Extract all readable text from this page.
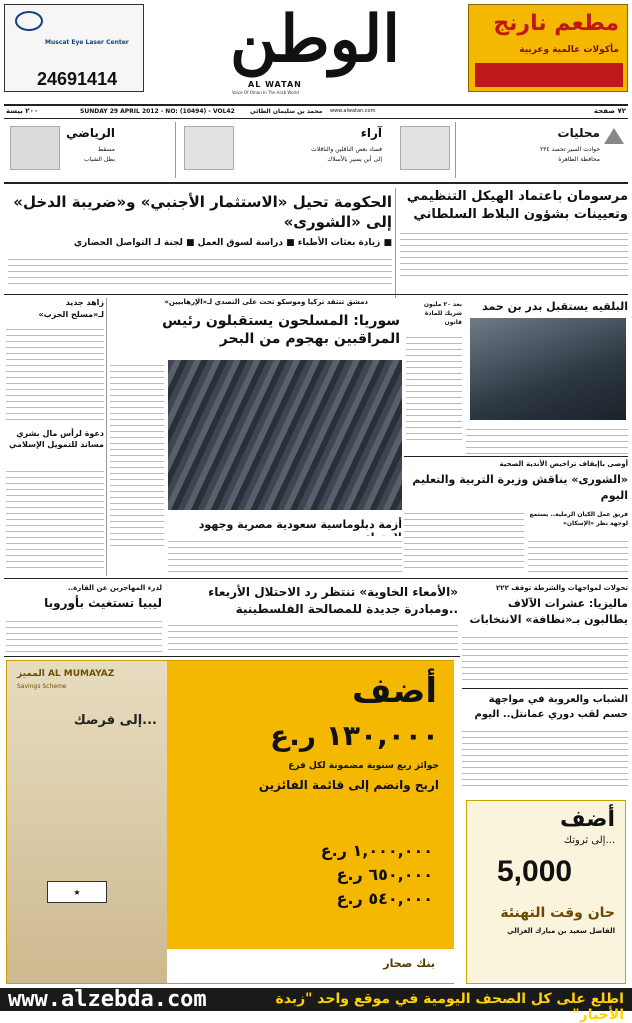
Muscat Eye Laser Center
24691414
مطعم نارنج
مأكولات عالمية وعربية
الوطن
AL WATAN
Voice Of Oman In The Arab World
SUNDAY 29 APRIL 2012 - NO: (10494) - VOL42
٢٠٠ بيسة	محمد بن سليمان الطائي www.alwatan.com	٧٢ صفحة
محليات
حوادث السير تحصد ٢٣٤
محافظة الظاهرة
آراء
فساد بعض الناقلين والناقلات
إلى أين يسير بالأسلاك
الرياضي
مسقط
بطل الشباب
مرسومان باعتماد الهيكل التنظيمي وتعيينات بشؤون البلاط السلطاني
الحكومة تحيل «الاستثمار الأجنبي» و«ضريبة الدخل» إلى «الشورى»
■ زيادة بعثات الأطباء ■ دراسة لسوق العمل ■ لجنة لـ التواصل الحضاري
دمشق تنتقد تركيا وموسكو تحث على التصدي لـ«الإرهابيين»
سوريا: المسلحون يستقبلون رئيس المراقبين بهجوم من البحر
أزمة دبلوماسية سعودية مصرية وجهود
زاهد جديد
لـ«مسلح الحزب»
دعوة لرأس مال بشري مساند للتمويل الإسلامي
بعد ٢٠ مليون شريك للمادة قانون
البلقيه يستقبل بدر بن حمد
أوصى باإيقاف تراخيص الأندية الصحية
«الشورى» يناقش وزيرة التربية والتعليم اليوم
فريق عمل الكيان الرملية.. يستمع لوجهة نظر «الإسكان»
لدرء المهاجرين عن القارة..
ليبيا تستغيث بأوروبا
«الأمعاء الخاوية» تنتظر رد الاحتلال الأربعاء
..ومبادرة جديدة للمصالحة الفلسطينية
تحولات لمواجهات والشرطة توقف ٢٢٢
ماليزيا: عشرات الآلاف يطالبون بـ«نظافة» الانتخابات
المميز AL MUMAYAZ
Savings Scheme
...إلى فرصك
★
أضف
١٣٠,٠٠٠ ر.ع
جوائز ربع سنوية مضمونة لكل فرع
اربح وانضم إلى قائمة الفائزين
١,٠٠٠,٠٠٠ ر.ع
٦٥٠,٠٠٠ ر.ع
٥٤٠,٠٠٠ ر.ع
بنك صحار
الشباب والعروبة في مواجهة حسم لقب دوري عمانتل.. اليوم
أضف
...إلى ثروتك
5,000
حان وقت التهنئة
الفاضل سعيد بن مبارك الغزالي
www.alzebda.com	اطلع على كل الصحف اليومية في موقع واحد "زبدة الأخبار"
